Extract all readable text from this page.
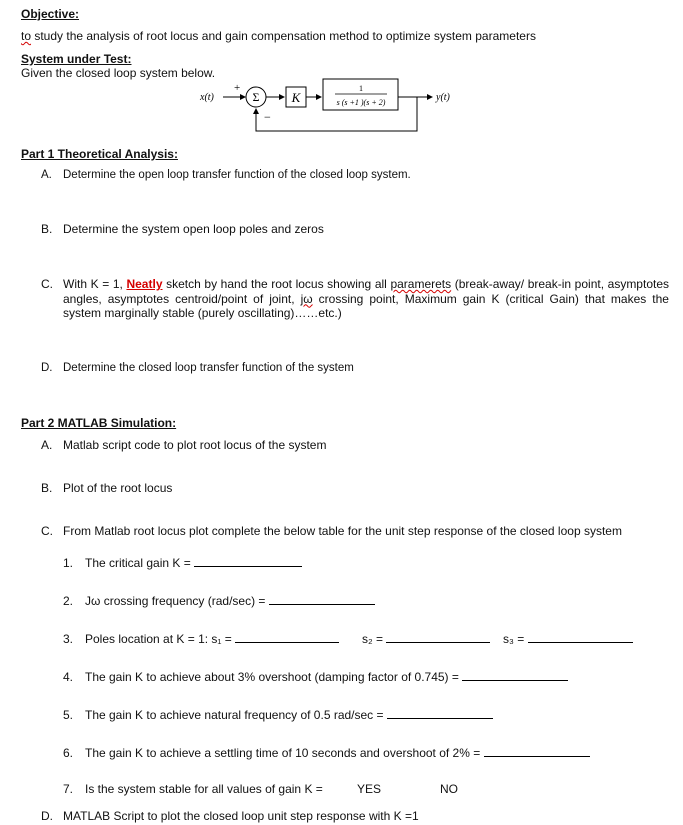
Objective:
to study the analysis of root locus and gain compensation method to optimize system parameters
System under Test:
Given the closed loop system below.
x(t)
+
Σ
−
K
1
s (s +1 )(s + 2)	y(t)
Part 1 Theoretical Analysis:
A. Determine the open loop transfer function of the closed loop system.
B. Determine the system open loop poles and zeros
C. With K = 1, Neatly sketch by hand the root locus showing all paramerets (break-away/ break-in point, asymptotes angles, asymptotes centroid/point of joint, jω crossing point, Maximum gain K (critical Gain) that makes the system marginally stable (purely oscillating)……etc.)
D. Determine the closed loop transfer function of the system
Part 2 MATLAB Simulation:
A. Matlab script code to plot root locus of the system
B. Plot of the root locus
C. From Matlab root locus plot complete the below table for the unit step response of the closed loop system
1. The critical gain K =
2. Jω crossing frequency (rad/sec) =
3. Poles location at K = 1: s₁ =	s₂ =	s₃ =
4. The gain K to achieve about 3% overshoot (damping factor of 0.745) =
5. The gain K to achieve natural frequency of 0.5 rad/sec =
6. The gain K to achieve a settling time of 10 seconds and overshoot of 2% =
7. Is the system stable for all values of gain K =	YES	NO
D. MATLAB Script to plot the closed loop unit step response with K =1
